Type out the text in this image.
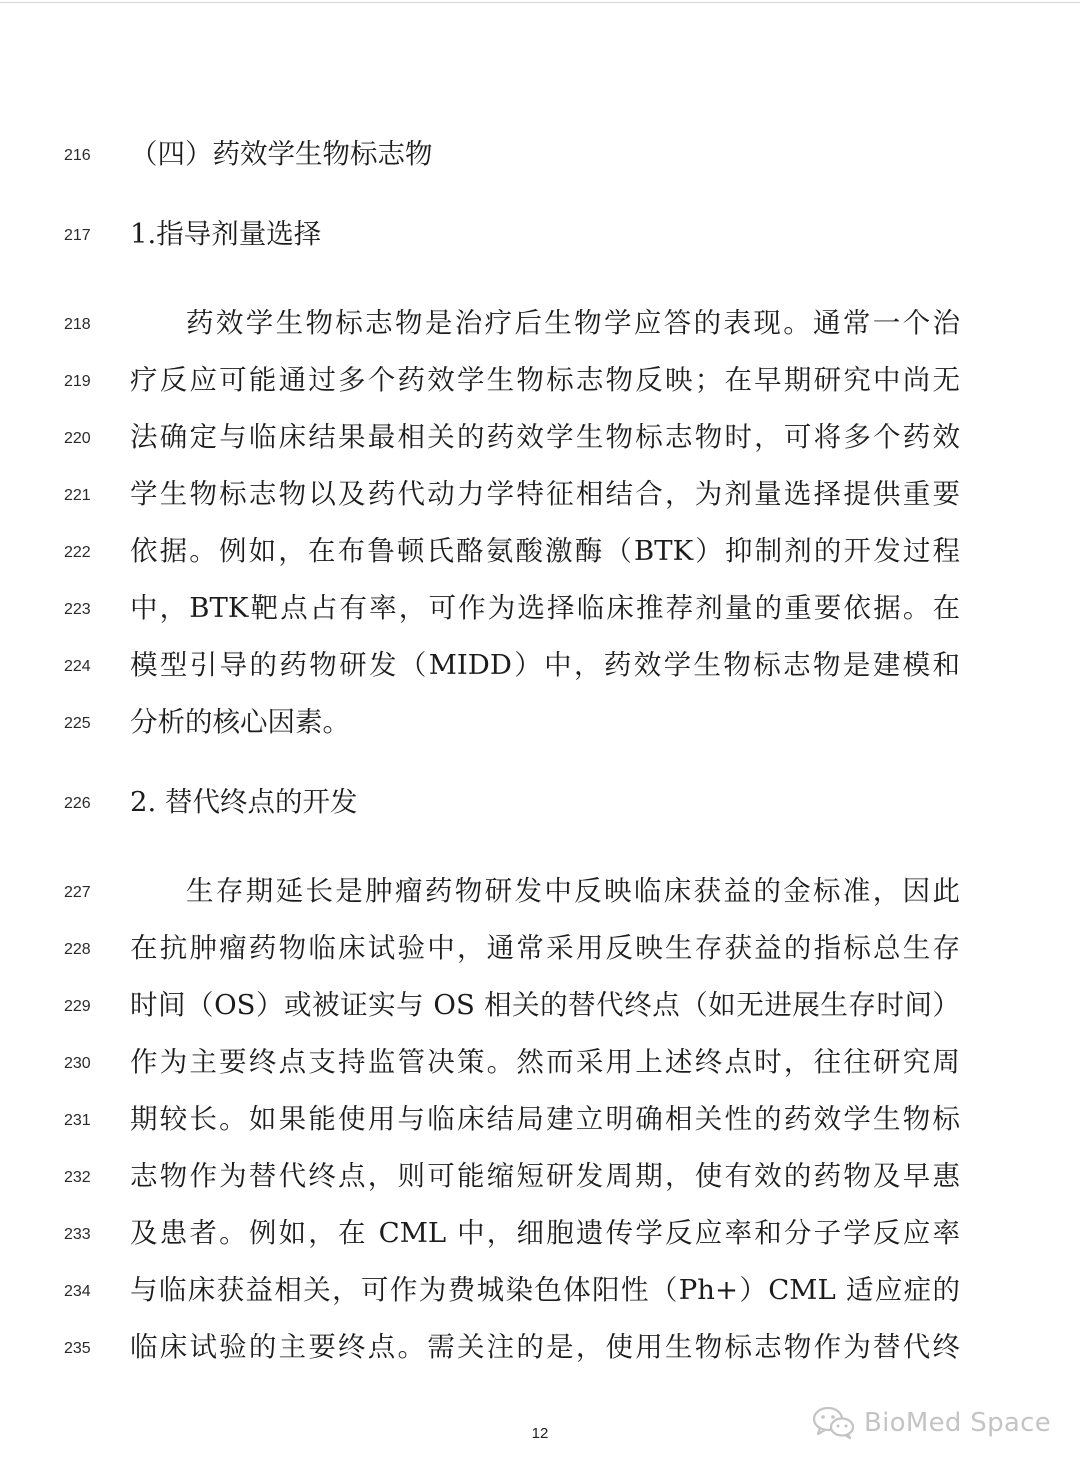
216	（四）药效学生物标志物
217	1.指导剂量选择
218	药效学生物标志物是治疗后生物学应答的表现。通常一个治
219	疗反应可能通过多个药效学生物标志物反映；在早期研究中尚无
220	法确定与临床结果最相关的药效学生物标志物时，可将多个药效
221	学生物标志物以及药代动力学特征相结合，为剂量选择提供重要
222	依据。例如，在布鲁顿氏酪氨酸激酶（BTK）抑制剂的开发过程
223	中，BTK靶点占有率，可作为选择临床推荐剂量的重要依据。在
224	模型引导的药物研发（MIDD）中，药效学生物标志物是建模和
225	分析的核心因素。
226	2. 替代终点的开发
227	生存期延长是肿瘤药物研发中反映临床获益的金标准，因此
228	在抗肿瘤药物临床试验中，通常采用反映生存获益的指标总生存
229	时间（OS）或被证实与 OS 相关的替代终点（如无进展生存时间）
230	作为主要终点支持监管决策。然而采用上述终点时，往往研究周
231	期较长。如果能使用与临床结局建立明确相关性的药效学生物标
232	志物作为替代终点，则可能缩短研发周期，使有效的药物及早惠
233	及患者。例如，在 CML 中，细胞遗传学反应率和分子学反应率
234	与临床获益相关，可作为费城染色体阳性（Ph+）CML 适应症的
235	临床试验的主要终点。需关注的是，使用生物标志物作为替代终
12	BioMed Space
